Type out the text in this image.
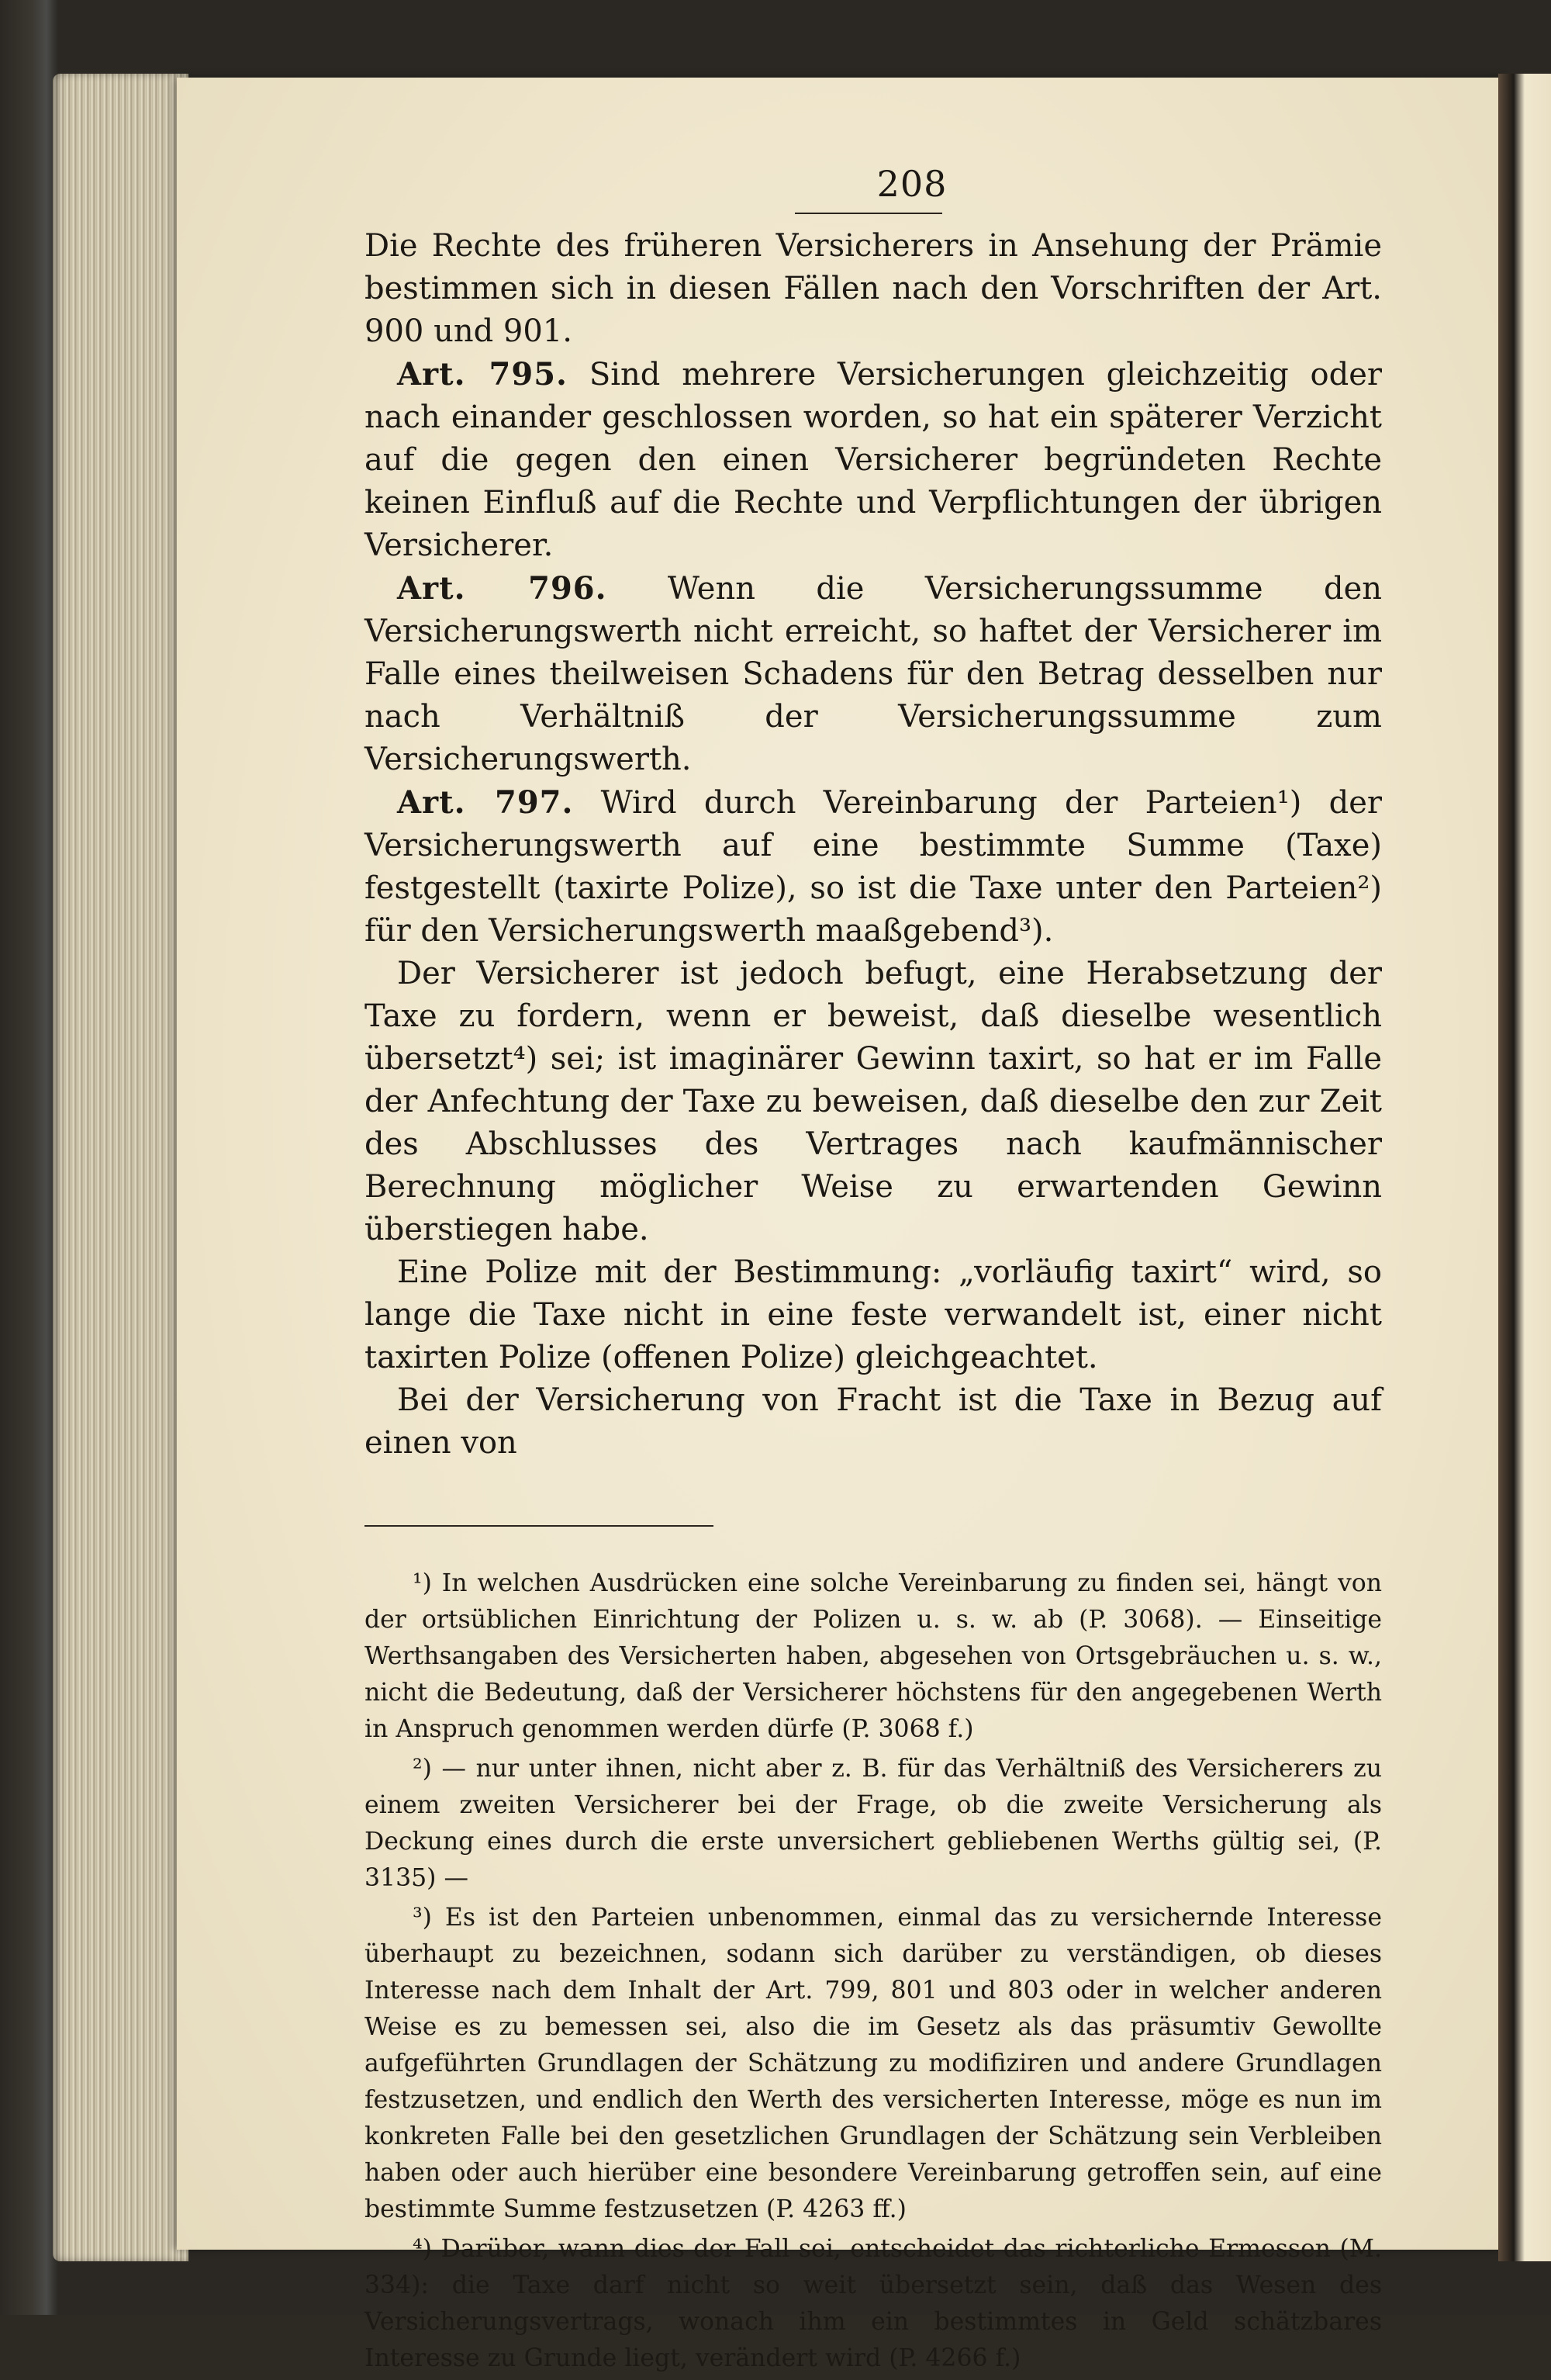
208

Die Rechte des früheren Versicherers in Ansehung der Prämie bestimmen sich in diesen Fällen nach den Vorschriften der Art. 900 und 901.

Art. 795. Sind mehrere Versicherungen gleichzeitig oder nach einander geschlossen worden, so hat ein späterer Verzicht auf die gegen den einen Versicherer begründeten Rechte keinen Einfluß auf die Rechte und Verpflichtungen der übrigen Versicherer.

Art. 796. Wenn die Versicherungssumme den Versicherungswerth nicht erreicht, so haftet der Versicherer im Falle eines theilweisen Schadens für den Betrag desselben nur nach Verhältniß der Versicherungssumme zum Versicherungswerth.

Art. 797. Wird durch Vereinbarung der Parteien¹) der Versicherungswerth auf eine bestimmte Summe (Taxe) festgestellt (taxirte Polize), so ist die Taxe unter den Parteien²) für den Versicherungswerth maaßgebend³).

Der Versicherer ist jedoch befugt, eine Herabsetzung der Taxe zu fordern, wenn er beweist, daß dieselbe wesentlich übersetzt⁴) sei; ist imaginärer Gewinn taxirt, so hat er im Falle der Anfechtung der Taxe zu beweisen, daß dieselbe den zur Zeit des Abschlusses des Vertrages nach kaufmännischer Berechnung möglicher Weise zu erwartenden Gewinn überstiegen habe.

Eine Polize mit der Bestimmung: „vorläufig taxirt“ wird, so lange die Taxe nicht in eine feste verwandelt ist, einer nicht taxirten Polize (offenen Polize) gleichgeachtet.

Bei der Versicherung von Fracht ist die Taxe in Bezug auf einen von

¹) In welchen Ausdrücken eine solche Vereinbarung zu finden sei, hängt von der ortsüblichen Einrichtung der Polizen u. s. w. ab (P. 3068). — Einseitige Werthsangaben des Versicherten haben, abgesehen von Ortsgebräuchen u. s. w., nicht die Bedeutung, daß der Versicherer höchstens für den angegebenen Werth in Anspruch genommen werden dürfe (P. 3068 f.)

²) — nur unter ihnen, nicht aber z. B. für das Verhältniß des Versicherers zu einem zweiten Versicherer bei der Frage, ob die zweite Versicherung als Deckung eines durch die erste unversichert gebliebenen Werths gültig sei, (P. 3135) —

³) Es ist den Parteien unbenommen, einmal das zu versichernde Interesse überhaupt zu bezeichnen, sodann sich darüber zu verständigen, ob dieses Interesse nach dem Inhalt der Art. 799, 801 und 803 oder in welcher anderen Weise es zu bemessen sei, also die im Gesetz als das präsumtiv Gewollte aufgeführten Grundlagen der Schätzung zu modifiziren und andere Grundlagen festzusetzen, und endlich den Werth des versicherten Interesse, möge es nun im konkreten Falle bei den gesetzlichen Grundlagen der Schätzung sein Verbleiben haben oder auch hierüber eine besondere Vereinbarung getroffen sein, auf eine bestimmte Summe festzusetzen (P. 4263 ff.)

⁴) Darüber, wann dies der Fall sei, entscheidet das richterliche Ermessen (M. 334): die Taxe darf nicht so weit übersetzt sein, daß das Wesen des Versicherungsvertrags, wonach ihm ein bestimmtes in Geld schätzbares Interesse zu Grunde liegt, verändert wird (P. 4266 f.)
